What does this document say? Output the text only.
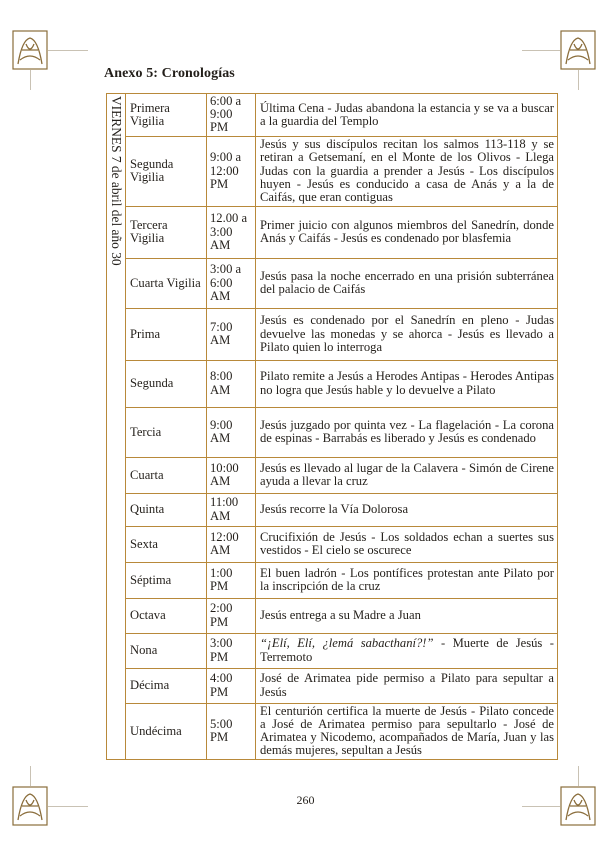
Anexo 5: Cronologías
VIERNES 7 de abril del año 30	Primera Vigilia	6:00 a 9:00 PM	Última Cena - Judas abandona la estancia y se va a buscar a la guardia del Templo
	Segunda Vigilia	9:00 a 12:00 PM	Jesús y sus discípulos recitan los salmos 113-118 y se retiran a Getsemaní, en el Monte de los Olivos - Llega Judas con la guardia a prender a Jesús - Los discípulos huyen - Jesús es conducido a casa de Anás y a la de Caifás, que eran contiguas
	Tercera Vigilia	12.00 a 3:00 AM	Primer juicio con algunos miembros del Sanedrín, donde Anás y Caifás - Jesús es condenado por blasfemia
	Cuarta Vigilia	3:00 a 6:00 AM	Jesús pasa la noche encerrado en una prisión subterránea del palacio de Caifás
	Prima	7:00 AM	Jesús es condenado por el Sanedrín en pleno - Judas devuelve las monedas y se ahorca - Jesús es llevado a Pilato quien lo interroga
	Segunda	8:00 AM	Pilato remite a Jesús a Herodes Antipas - Herodes Antipas no logra que Jesús hable y lo devuelve a Pilato
	Tercia	9:00 AM	Jesús juzgado por quinta vez - La flagelación - La corona de espinas - Barrabás es liberado y Jesús es condenado
	Cuarta	10:00 AM	Jesús es llevado al lugar de la Calavera - Simón de Cirene ayuda a llevar la cruz
	Quinta	11:00 AM	Jesús recorre la Vía Dolorosa
	Sexta	12:00 AM	Crucifixión de Jesús - Los soldados echan a suertes sus vestidos - El cielo se oscurece
	Séptima	1:00 PM	El buen ladrón - Los pontífices protestan ante Pilato por la inscripción de la cruz
	Octava	2:00 PM	Jesús entrega a su Madre a Juan
	Nona	3:00 PM	“¡Elí, Elí, ¿lemá sabacthaní?!” - Muerte de Jesús - Terremoto
	Décima	4:00 PM	José de Arimatea pide permiso a Pilato para sepultar a Jesús
	Undécima	5:00 PM	El centurión certifica la muerte de Jesús - Pilato concede a José de Arimatea permiso para sepultarlo - José de Arimatea y Nicodemo, acompañados de María, Juan y las demás mujeres, sepultan a Jesús
260
